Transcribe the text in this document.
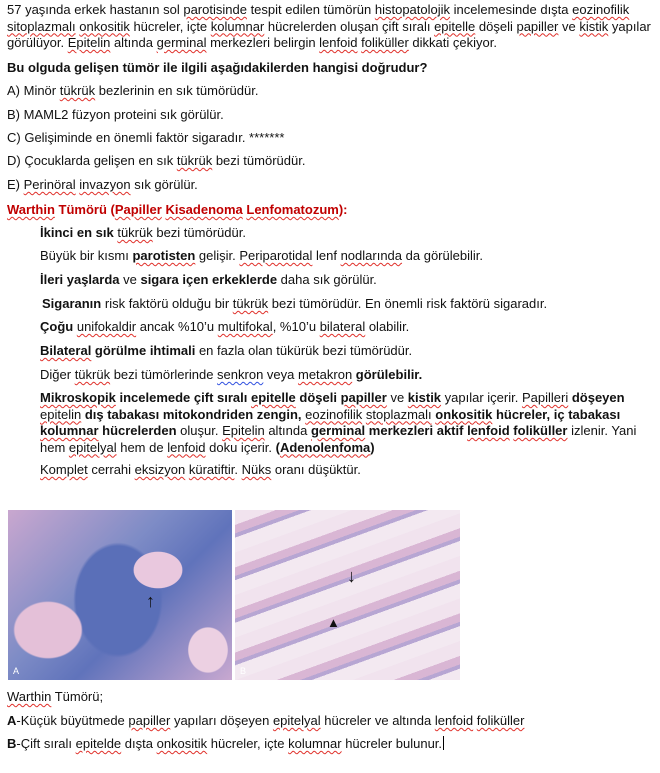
57 yaşında erkek hastanın sol parotisinde tespit edilen tümörün histopatolojik incelemesinde dışta eozinofilik sitoplazmalı onkositik hücreler, içte kolumnar hücrelerden oluşan çift sıralı epitelle döşeli papiller ve kistik yapılar görülüyor. Epitelin altında germinal merkezleri belirgin lenfoid foliküller dikkati çekiyor.
Bu olguda gelişen tümör ile ilgili aşağıdakilerden hangisi doğrudur?
A) Minör tükrük bezlerinin en sık tümörüdür.
B) MAML2 füzyon proteini sık görülür.
C) Gelişiminde en önemli faktör sigaradır. *******
D) Çocuklarda gelişen en sık tükrük bezi tümörüdür.
E) Perinöral invazyon sık görülür.
Warthin Tümörü (Papiller Kisadenoma Lenfomatozum):
İkinci en sık tükrük bezi tümörüdür.
Büyük bir kısmı parotisten gelişir. Periparotidal lenf nodlarında da görülebilir.
İleri yaşlarda ve sigara içen erkeklerde daha sık görülür.
Sigaranın risk faktörü olduğu bir tükrük bezi tümörüdür. En önemli risk faktörü sigaradır.
Çoğu unifokaldir ancak %10’u multifokal, %10’u bilateral olabilir.
Bilateral görülme ihtimali en fazla olan tükürük bezi tümörüdür.
Diğer tükrük bezi tümörlerinde senkron veya metakron görülebilir.
Mikroskopik incelemede çift sıralı epitelle döşeli papiller ve kistik yapılar içerir. Papilleri döşeyen epitelin dış tabakası mitokondriden zengin, eozinofilik stoplazmalı onkositik hücreler, iç tabakası kolumnar hücrelerden oluşur. Epitelin altında germinal merkezleri aktif lenfoid foliküller izlenir. Yani hem epitelyal hem de lenfoid doku içerir. (Adenolenfoma)
Komplet cerrahi eksizyon küratiftir. Nüks oranı düşüktür.
↑
A
↓
▲
B
Warthin Tümörü;
A-Küçük büyütmede papiller yapıları döşeyen epitelyal hücreler ve altında lenfoid foliküller
B-Çift sıralı epitelde dışta onkositik hücreler, içte kolumnar hücreler bulunur.
